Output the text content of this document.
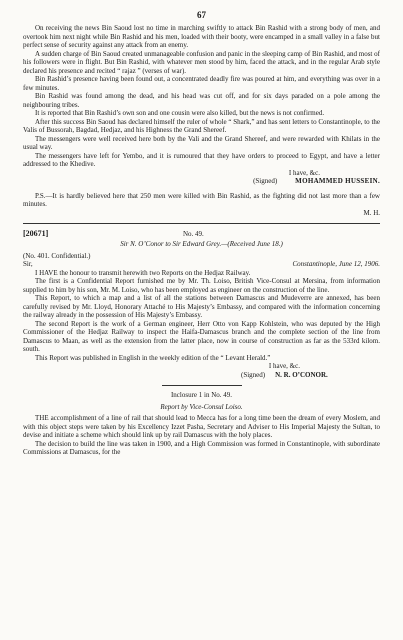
67

On receiving the news Bin Saoud lost no time in marching swiftly to attack Bin Rashid with a strong body of men, and overtook him next night while Bin Rashid and his men, loaded with their booty, were encamped in a small valley in a false but perfect sense of security against any attack from an enemy.

A sudden charge of Bin Saoud created unmanageable confusion and panic in the sleeping camp of Bin Rashid, and most of his followers were in flight. But Bin Rashid, with whatever men stood by him, faced the attack, and in the regular Arab style declared his presence and recited “ rajaz ” (verses of war).

Bin Rashid’s presence having been found out, a concentrated deadly fire was poured at him, and everything was over in a few minutes.

Bin Rashid was found among the dead, and his head was cut off, and for six days paraded on a pole among the neighbouring tribes.

It is reported that Bin Rashid’s own son and one cousin were also killed, but the news is not confirmed.

After this success Bin Saoud has declared himself the ruler of whole “ Shark,” and has sent letters to Constantinople, to the Valis of Bussorah, Bagdad, Hedjaz, and his Highness the Grand Shereef.

The messengers were well received here both by the Vali and the Grand Shereef, and were rewarded with Khilats in the usual way.

The messengers have left for Yembo, and it is rumoured that they have orders to proceed to Egypt, and have a letter addressed to the Khedive.

I have, &c.
(Signed)	MOHAMMED HUSSEIN.

P.S.—It is hardly believed here that 250 men were killed with Bin Rashid, as the fighting did not last more than a few minutes.

M. H.
[20671]	No. 49.
Sir N. O’Conor to Sir Edward Grey.—(Received June 18.)
(No. 401. Confidential.)
Sir,	Constantinople, June 12, 1906.

I HAVE the honour to transmit herewith two Reports on the Hedjaz Railway.

The first is a Confidential Report furnished me by Mr. Th. Loiso, British Vice-Consul at Mersina, from information supplied to him by his son, Mr. M. Loiso, who has been employed as engineer on the construction of the line.

This Report, to which a map and a list of all the stations between Damascus and Mudeverre are annexed, has been carefully revised by Mr. Lloyd, Honorary Attaché to His Majesty’s Embassy, and compared with the information concerning the railway already in the possession of His Majesty’s Embassy.

The second Report is the work of a German engineer, Herr Otto von Kapp Kohlstein, who was deputed by the High Commissioner of the Hedjaz Railway to inspect the Haifa-Damascus branch and the complete section of the line from Damascus to Maan, as well as the extension from the latter place, now in course of construction as far as the 533rd kilom. south.

This Report was published in English in the weekly edition of the “ Levant Herald.”

I have, &c.
(Signed) N. R. O’CONOR.
Inclosure 1 in No. 49.
Report by Vice-Consul Loiso.

THE accomplishment of a line of rail that should lead to Mecca has for a long time been the dream of every Moslem, and with this object steps were taken by his Excellency Izzet Pasha, Secretary and Adviser to His Imperial Majesty the Sultan, to devise and initiate a scheme which should link up by rail Damascus with the holy places.

The decision to build the line was taken in 1900, and a High Commission was formed in Constantinople, with subordinate Commissions at Damascus, for the
